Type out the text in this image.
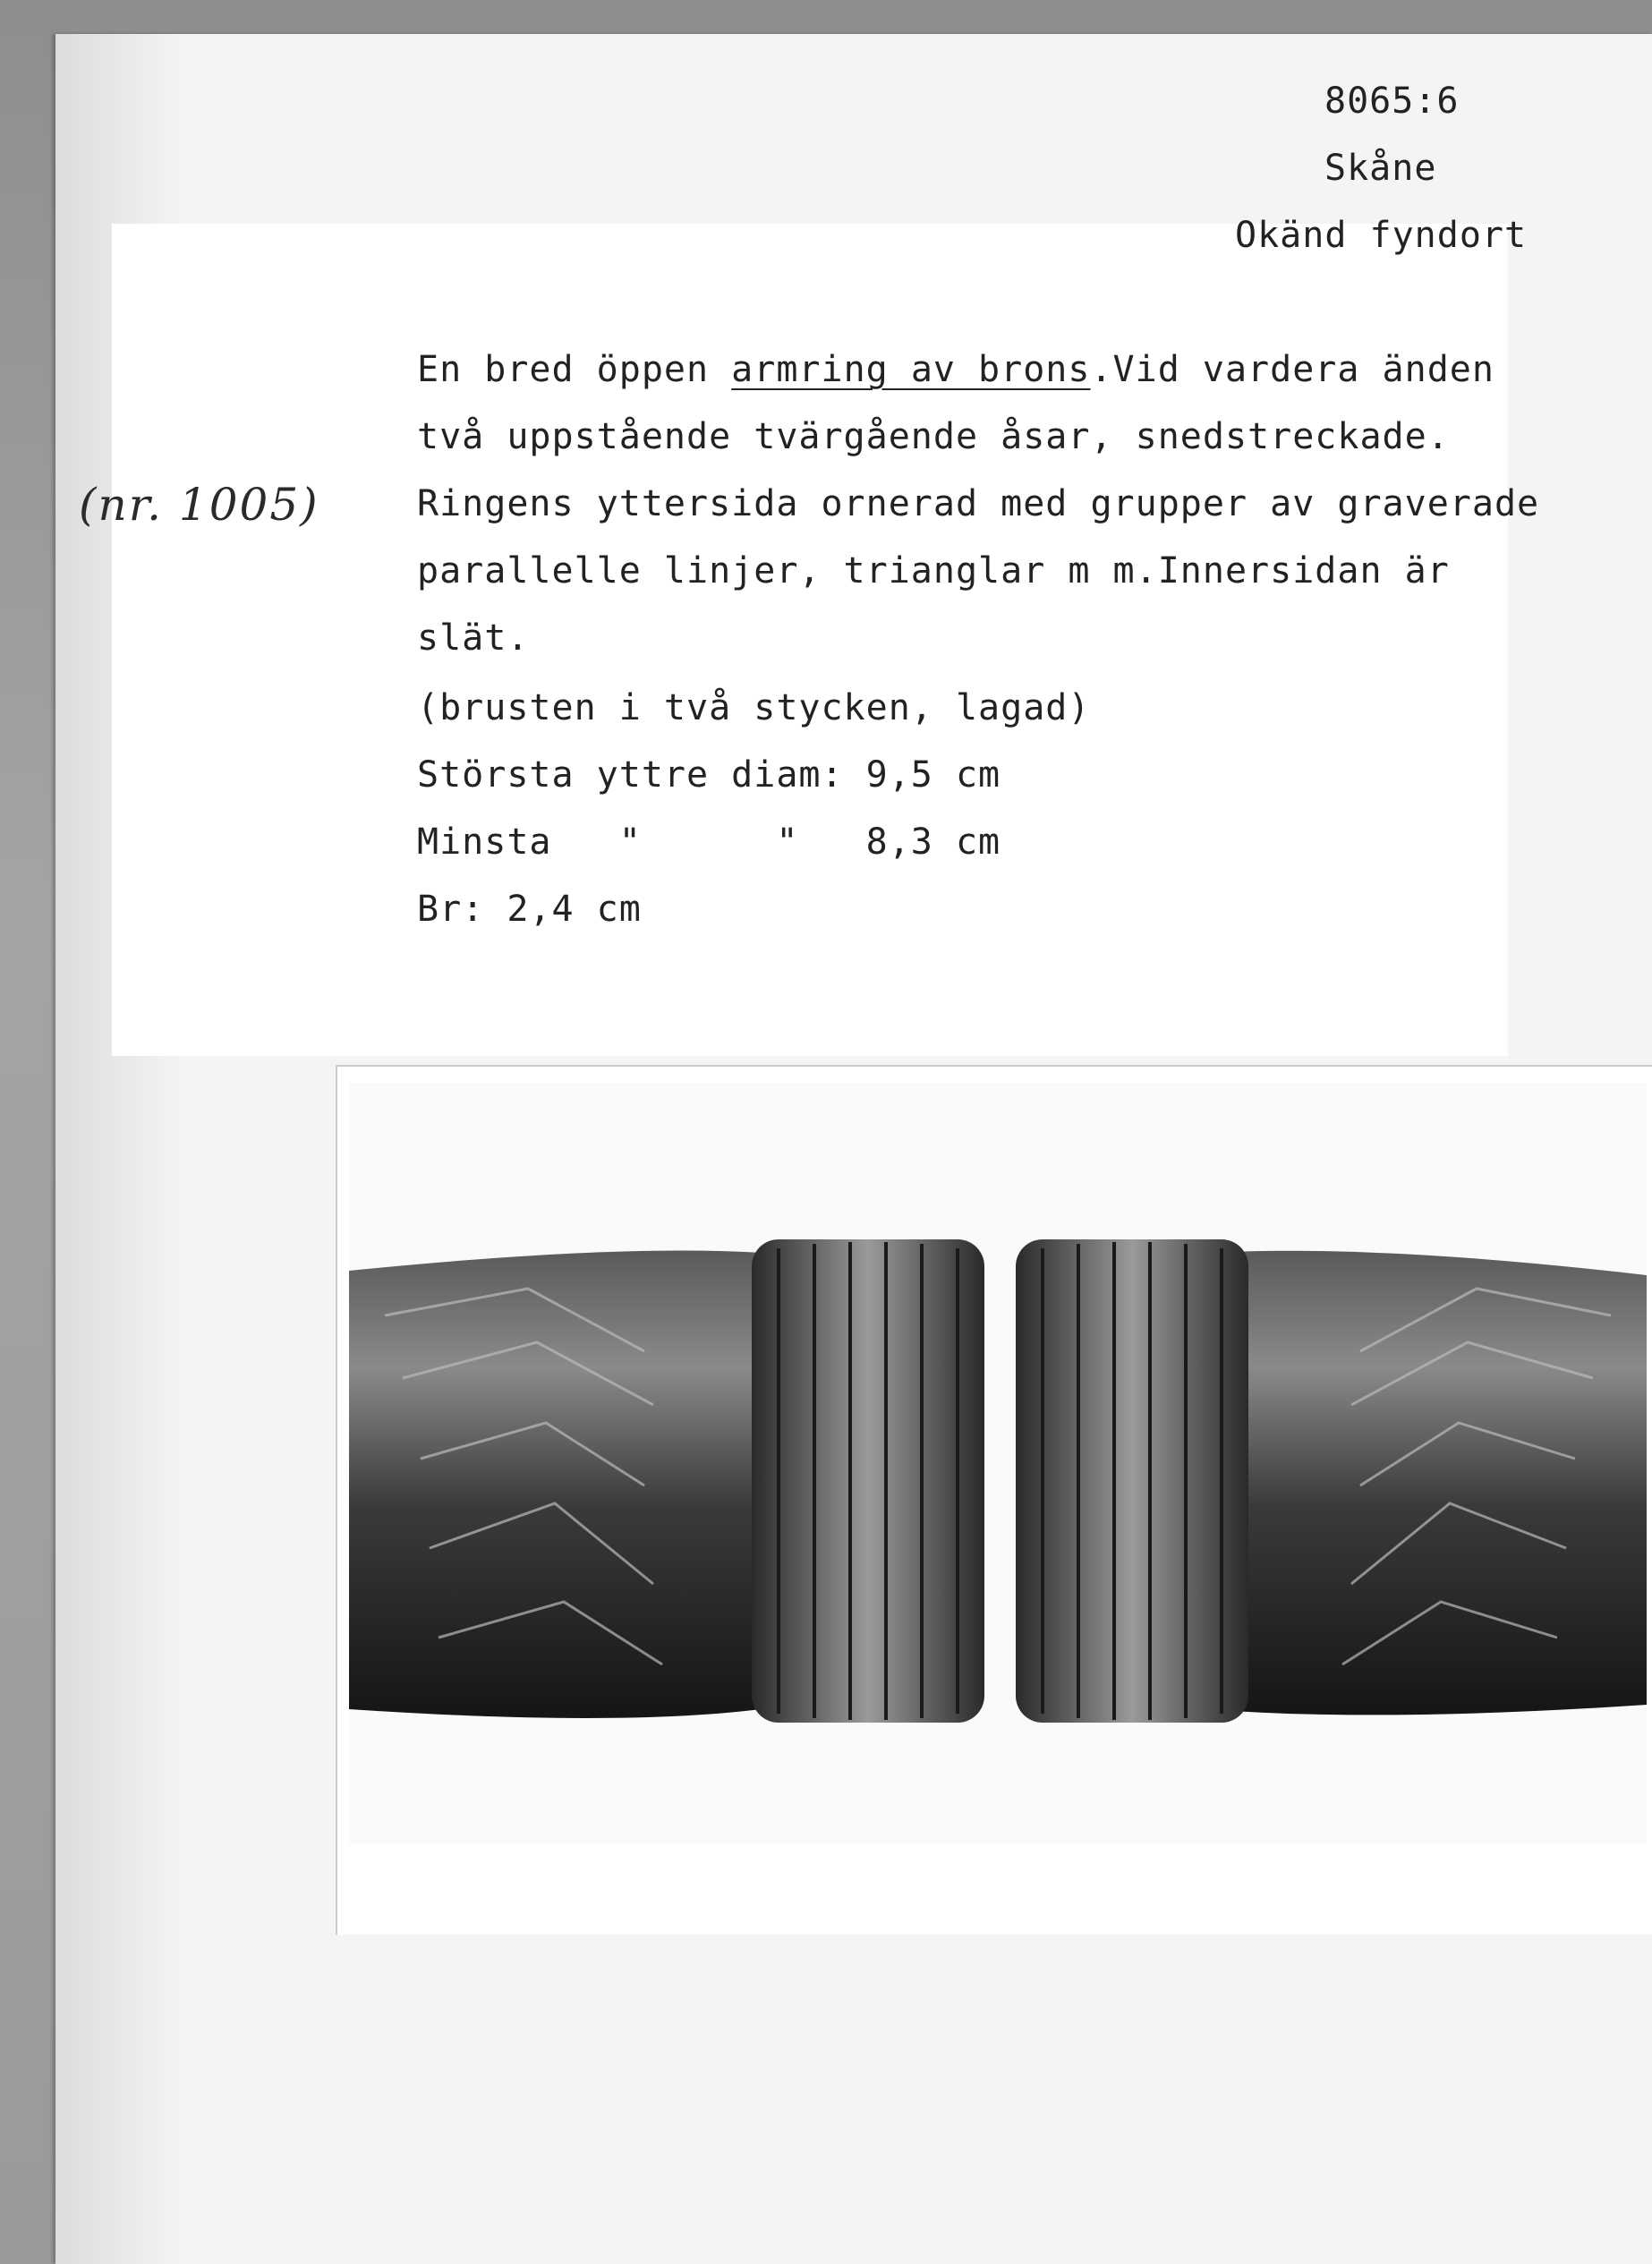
8065:6
Skåne
Okänd fyndort
(nr. 1005)
En bred öppen armring av brons.Vid vardera änden
två uppstående tvärgående åsar, snedstreckade.
Ringens yttersida ornerad med grupper av graverade
parallelle linjer, trianglar m m.Innersidan är
slät.
(brusten i två stycken, lagad)
Största yttre diam: 9,5 cm
Minsta   "      "   8,3 cm
Br: 2,4 cm
